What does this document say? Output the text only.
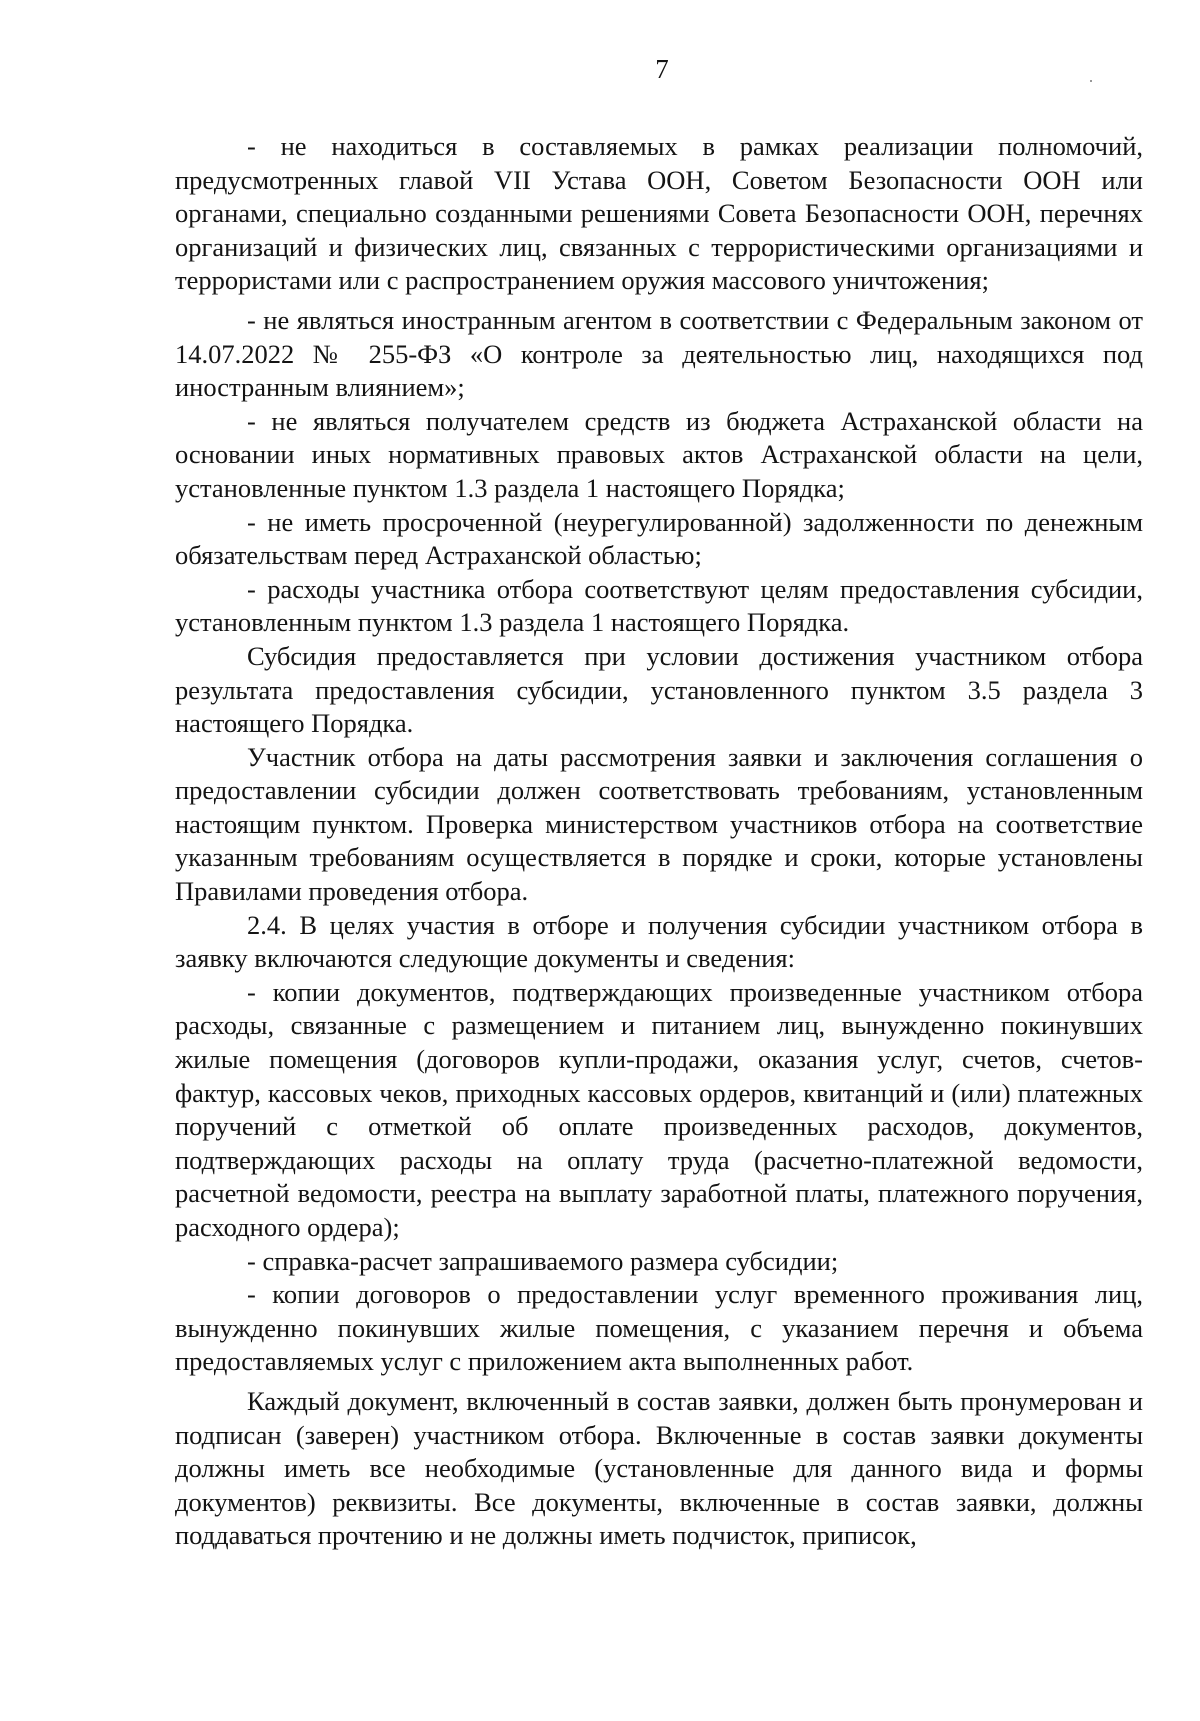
7

- не находиться в составляемых в рамках реализации полномочий, предусмотренных главой VII Устава ООН, Советом Безопасности ООН или органами, специально созданными решениями Совета Безопасности ООН, перечнях организаций и физических лиц, связанных с террористическими организациями и террористами или с распространением оружия массового уничтожения;

- не являться иностранным агентом в соответствии с Федеральным законом от 14.07.2022 № 255-ФЗ «О контроле за деятельностью лиц, находящихся под иностранным влиянием»;

- не являться получателем средств из бюджета Астраханской области на основании иных нормативных правовых актов Астраханской области на цели, установленные пунктом 1.3 раздела 1 настоящего Порядка;

- не иметь просроченной (неурегулированной) задолженности по денежным обязательствам перед Астраханской областью;

- расходы участника отбора соответствуют целям предоставления субсидии, установленным пунктом 1.3 раздела 1 настоящего Порядка.

Субсидия предоставляется при условии достижения участником отбора результата предоставления субсидии, установленного пунктом 3.5 раздела 3 настоящего Порядка.

Участник отбора на даты рассмотрения заявки и заключения соглашения о предоставлении субсидии должен соответствовать требованиям, установленным настоящим пунктом. Проверка министерством участников отбора на соответствие указанным требованиям осуществляется в порядке и сроки, которые установлены Правилами проведения отбора.

2.4. В целях участия в отборе и получения субсидии участником отбора в заявку включаются следующие документы и сведения:

- копии документов, подтверждающих произведенные участником отбора расходы, связанные с размещением и питанием лиц, вынужденно покинувших жилые помещения (договоров купли-продажи, оказания услуг, счетов, счетов-фактур, кассовых чеков, приходных кассовых ордеров, квитанций и (или) платежных поручений с отметкой об оплате произведенных расходов, документов, подтверждающих расходы на оплату труда (расчетно-платежной ведомости, расчетной ведомости, реестра на выплату заработной платы, платежного поручения, расходного ордера);

- справка-расчет запрашиваемого размера субсидии;

- копии договоров о предоставлении услуг временного проживания лиц, вынужденно покинувших жилые помещения, с указанием перечня и объема предоставляемых услуг с приложением акта выполненных работ.

Каждый документ, включенный в состав заявки, должен быть пронумерован и подписан (заверен) участником отбора. Включенные в состав заявки документы должны иметь все необходимые (установленные для данного вида и формы документов) реквизиты. Все документы, включенные в состав заявки, должны поддаваться прочтению и не должны иметь подчисток, приписок,
